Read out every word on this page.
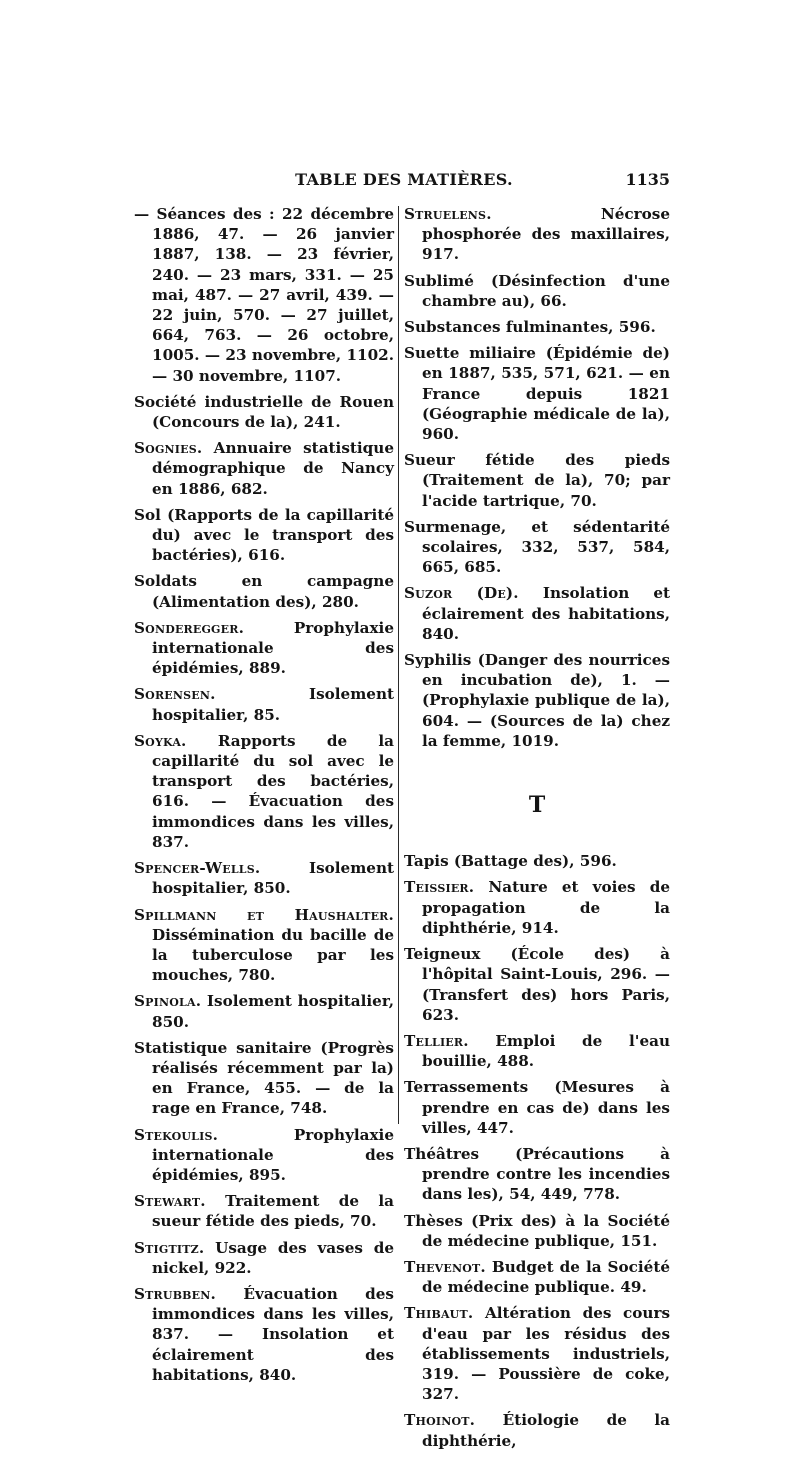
TABLE DES MATIÈRES.	1135

— Séances des : 22 décembre 1886, 47. — 26 janvier 1887, 138. — 23 février, 240. — 23 mars, 331. — 25 mai, 487. — 27 avril, 439. — 22 juin, 570. — 27 juillet, 664, 763. — 26 octobre, 1005. — 23 novembre, 1102. — 30 novembre, 1107.

Société industrielle de Rouen (Concours de la), 241.

Sognies. Annuaire statistique démographique de Nancy en 1886, 682.

Sol (Rapports de la capillarité du) avec le transport des bactéries), 616.

Soldats en campagne (Alimentation des), 280.

Sonderegger. Prophylaxie internationale des épidémies, 889.

Sorensen. Isolement hospitalier, 85.

Soyka. Rapports de la capillarité du sol avec le transport des bactéries, 616. — Évacuation des immondices dans les villes, 837.

Spencer-Wells. Isolement hospitalier, 850.

Spillmann et Haushalter. Dissémination du bacille de la tuberculose par les mouches, 780.

Spinola. Isolement hospitalier, 850.

Statistique sanitaire (Progrès réalisés récemment par la) en France, 455. — de la rage en France, 748.

Stekoulis. Prophylaxie internationale des épidémies, 895.

Stewart. Traitement de la sueur fétide des pieds, 70.

Stigtitz. Usage des vases de nickel, 922.

Strubben. Évacuation des immondices dans les villes, 837. — Insolation et éclairement des habitations, 840.

Struelens. Nécrose phosphorée des maxillaires, 917.

Sublimé (Désinfection d'une chambre au), 66.

Substances fulminantes, 596.

Suette miliaire (Épidémie de) en 1887, 535, 571, 621. — en France depuis 1821 (Géographie médicale de la), 960.

Sueur fétide des pieds (Traitement de la), 70; par l'acide tartrique, 70.

Surmenage, et sédentarité scolaires, 332, 537, 584, 665, 685.

Suzor (De). Insolation et éclairement des habitations, 840.

Syphilis (Danger des nourrices en incubation de), 1. — (Prophylaxie publique de la), 604. — (Sources de la) chez la femme, 1019.

T

Tapis (Battage des), 596.

Teissier. Nature et voies de propagation de la diphthérie, 914.

Teigneux (École des) à l'hôpital Saint-Louis, 296. — (Transfert des) hors Paris, 623.

Tellier. Emploi de l'eau bouillie, 488.

Terrassements (Mesures à prendre en cas de) dans les villes, 447.

Théâtres (Précautions à prendre contre les incendies dans les), 54, 449, 778.

Thèses (Prix des) à la Société de médecine publique, 151.

Thevenot. Budget de la Société de médecine publique. 49.

Thibaut. Altération des cours d'eau par les résidus des établissements industriels, 319. — Poussière de coke, 327.

Thoinot. Étiologie de la diphthérie,
